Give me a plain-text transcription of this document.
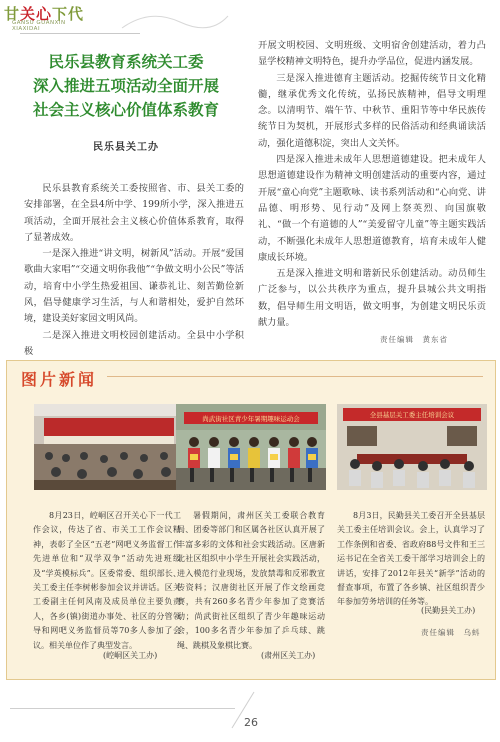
甘关心下代
GANSU GUANXIN
XIAXIDAI
民乐县教育系统关工委
深入推进五项活动全面开展
社会主义核心价值体系教育
民乐县关工办

民乐县教育系统关工委按照省、市、县关工委的安排部署，在全县4所中学、199所小学，深入推进五项活动，全面开展社会主义核心价值体系教育，取得了显著成效。

一是深入推进“讲文明，树新风”活动。开展“爱国歌曲大家唱”“交通文明你我他”“争做文明小公民”等活动，培育中小学生热爱祖国、谦恭礼让、刻苦勤俭新风，倡导健康学习生活，与人和谐相处，爱护自然环境，建设美好家园文明风尚。

二是深入推进文明校园创建活动。全县中小学积极

开展文明校园、文明班级、文明宿舍创建活动，着力凸显学校精神文明特色，提升办学品位，促进内涵发展。

三是深入推进德育主题活动。挖掘传统节日文化精髓，继承优秀文化传统，弘扬民族精神，倡导文明理念。以清明节、端午节、中秋节、重阳节等中华民族传统节日为契机，开展形式多样的民俗活动和经典诵读活动，强化道德积淀，突出人文关怀。

四是深入推进未成年人思想道德建设。把未成年人思想道德建设作为精神文明创建活动的重要内容，通过开展“童心向党”主题歌咏、读书系列活动和“心向党、讲品德、明形势、见行动”及网上祭英烈、向国旗敬礼、“做一个有道德的人”“美爱留守儿童”等主题实践活动，不断强化未成年人思想道德教育，培育未成年人健康成长环境。

五是深入推进文明和谐新民乐创建活动。动员师生广泛参与，以公共秩序为重点，提升县城公共文明指数，倡导师生用文明语，做文明事，为创建文明民乐贡献力量。

责任编辑　黄东省
图片新闻
尚武街社区青少年暑期趣味运动会	全县基层关工委主任培训会议

8月23日，崆峒区召开关心下一代工作会议，传达了省、市关工工作会议精神，表彰了全区“五老”网吧义务监督工作先进单位和“双学双争”活动先进班级及“学英模标兵”。区委常委、组织部长、关工委主任李树彬参加会议并讲话。区关工委副主任何风南及成员单位主要负责人，各乡(镇)街道办事处、社区的分管领导和网吧义务监督员等70多人参加了会议。相关单位作了典型发言。

(崆峒区关工办)

暑假期间，肃州区关工委联合教育局、团委等部门和区属各社区认真开展了丰富多彩的文体和社会实践活动。区唐新北社区组织中小学生开展社会实践活动，进入模范行业现场，发放禁毒和反邪教宣传资料；汉唐街社区开展了作文绘画竞赛，共有260多名青少年参加了竞赛活动；尚武街社区组织了青少年趣味运动会，100多名青少年参加了乒乓球、跳绳、跳棋及象棋比赛。

(肃州区关工办)

8月3日，民勤县关工委召开全县基层关工委主任培训会议。会上，认真学习了工作条例和省委、省政府88号文件和王三运书记在全省关工委干部学习培训会上的讲话，安排了2012年县关“新学”活动的督查事项，布置了各乡镇、社区组织青少年参加劳务培训的任务等。

(民勤县关工办)
责任编辑　乌蚪
26
